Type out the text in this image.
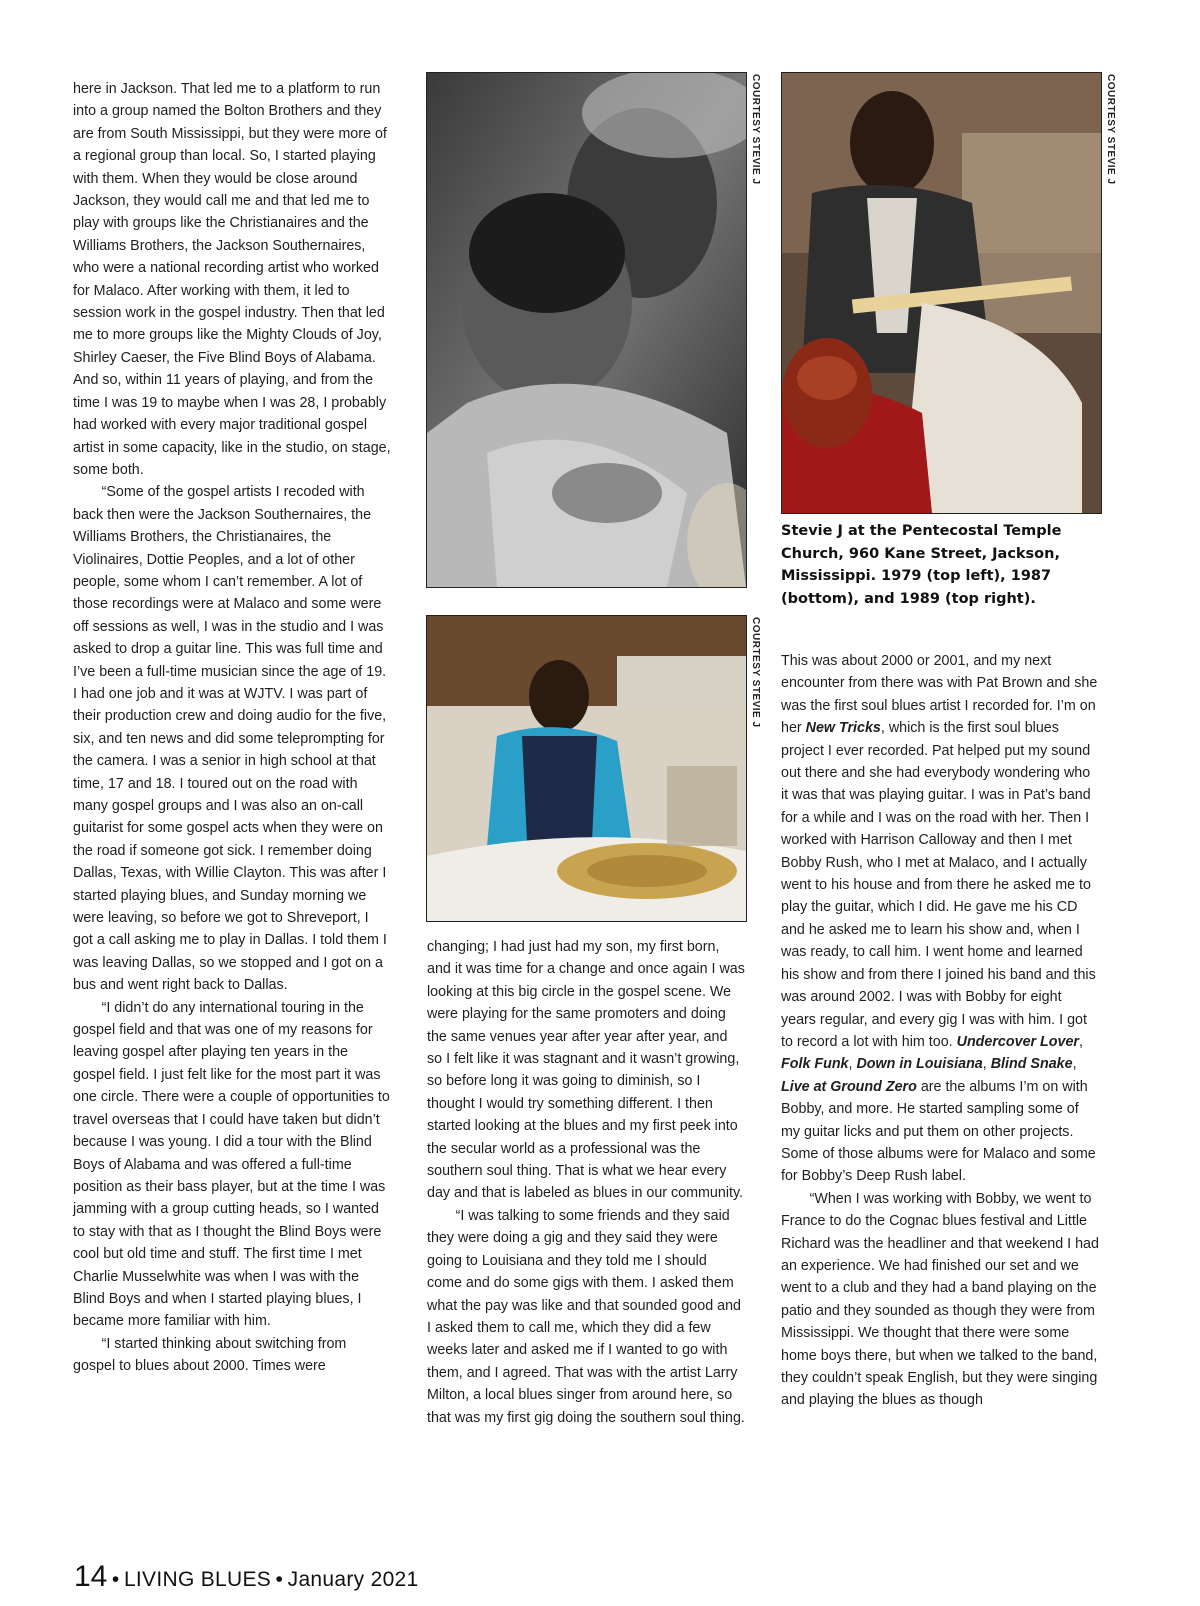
here in Jackson. That led me to a platform to run into a group named the Bolton Brothers and they are from South Mississippi, but they were more of a regional group than local. So, I started playing with them. When they would be close around Jackson, they would call me and that led me to play with groups like the Christianaires and the Williams Brothers, the Jackson Southernaires, who were a national recording artist who worked for Malaco. After working with them, it led to session work in the gospel industry. Then that led me to more groups like the Mighty Clouds of Joy, Shirley Caeser, the Five Blind Boys of Alabama. And so, within 11 years of playing, and from the time I was 19 to maybe when I was 28, I probably had worked with every major traditional gospel artist in some capacity, like in the studio, on stage, some both.

“Some of the gospel artists I recoded with back then were the Jackson Southernaires, the Williams Brothers, the Christianaires, the Violinaires, Dottie Peoples, and a lot of other people, some whom I can’t remember. A lot of those recordings were at Malaco and some were off sessions as well, I was in the studio and I was asked to drop a guitar line. This was full time and I’ve been a full-time musician since the age of 19. I had one job and it was at WJTV. I was part of their production crew and doing audio for the five, six, and ten news and did some teleprompting for the camera. I was a senior in high school at that time, 17 and 18. I toured out on the road with many gospel groups and I was also an on-call guitarist for some gospel acts when they were on the road if someone got sick. I remember doing Dallas, Texas, with Willie Clayton. This was after I started playing blues, and Sunday morning we were leaving, so before we got to Shreveport, I got a call asking me to play in Dallas. I told them I was leaving Dallas, so we stopped and I got on a bus and went right back to Dallas.

“I didn’t do any international touring in the gospel field and that was one of my reasons for leaving gospel after playing ten years in the gospel field. I just felt like for the most part it was one circle. There were a couple of opportunities to travel overseas that I could have taken but didn’t because I was young. I did a tour with the Blind Boys of Alabama and was offered a full-time position as their bass player, but at the time I was jamming with a group cutting heads, so I wanted to stay with that as I thought the Blind Boys were cool but old time and stuff. The first time I met Charlie Musselwhite was when I was with the Blind Boys and when I started playing blues, I became more familiar with him.

“I started thinking about switching from gospel to blues about 2000. Times were

COURTESY STEVIE J	COURTESY STEVIE J
Stevie J at the Pentecostal Temple Church, 960 Kane Street, Jackson, Mississippi. 1979 (top left), 1987 (bottom), and 1989 (top right).
COURTESY STEVIE J

changing; I had just had my son, my first born, and it was time for a change and once again I was looking at this big circle in the gospel scene. We were playing for the same promoters and doing the same venues year after year after year, and so I felt like it was stagnant and it wasn’t growing, so before long it was going to diminish, so I thought I would try something different. I then started looking at the blues and my first peek into the secular world as a professional was the southern soul thing. That is what we hear every day and that is labeled as blues in our community.

“I was talking to some friends and they said they were doing a gig and they said they were going to Louisiana and they told me I should come and do some gigs with them. I asked them what the pay was like and that sounded good and I asked them to call me, which they did a few weeks later and asked me if I wanted to go with them, and I agreed. That was with the artist Larry Milton, a local blues singer from around here, so that was my first gig doing the southern soul thing.

This was about 2000 or 2001, and my next encounter from there was with Pat Brown and she was the first soul blues artist I recorded for. I’m on her New Tricks, which is the first soul blues project I ever recorded. Pat helped put my sound out there and she had everybody wondering who it was that was playing guitar. I was in Pat’s band for a while and I was on the road with her. Then I worked with Harrison Calloway and then I met Bobby Rush, who I met at Malaco, and I actually went to his house and from there he asked me to play the guitar, which I did. He gave me his CD and he asked me to learn his show and, when I was ready, to call him. I went home and learned his show and from there I joined his band and this was around 2002. I was with Bobby for eight years regular, and every gig I was with him. I got to record a lot with him too. Undercover Lover, Folk Funk, Down in Louisiana, Blind Snake, Live at Ground Zero are the albums I’m on with Bobby, and more. He started sampling some of my guitar licks and put them on other projects. Some of those albums were for Malaco and some for Bobby’s Deep Rush label.

“When I was working with Bobby, we went to France to do the Cognac blues festival and Little Richard was the headliner and that weekend I had an experience. We had finished our set and we went to a club and they had a band playing on the patio and they sounded as though they were from Mississippi. We thought that there were some home boys there, but when we talked to the band, they couldn’t speak English, but they were singing and playing the blues as though

14 • LIVING BLUES • January 2021
